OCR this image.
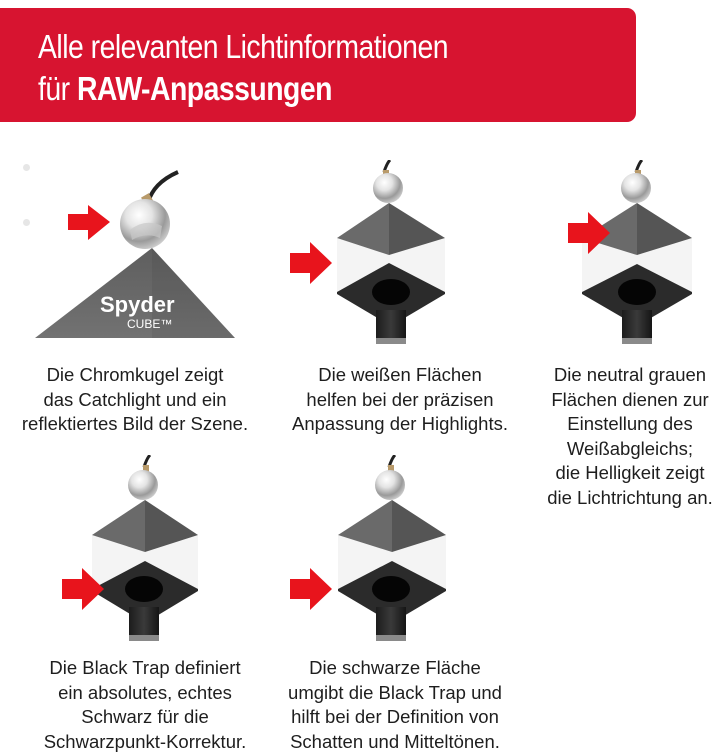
Alle relevanten Lichtinformationen
für RAW-Anpassungen
Spyder
CUBE™
Die Chromkugel zeigt
das Catchlight und ein
reflektiertes Bild der Szene.
Die weißen Flächen
helfen bei der präzisen
Anpassung der Highlights.
Die neutral grauen
Flächen dienen zur
Einstellung des
Weißabgleichs;
die Helligkeit zeigt
die Lichtrichtung an.
Die Black Trap definiert
ein absolutes, echtes
Schwarz für die
Schwarzpunkt-Korrektur.
Die schwarze Fläche
umgibt die Black Trap und
hilft bei der Definition von
Schatten und Mitteltönen.
